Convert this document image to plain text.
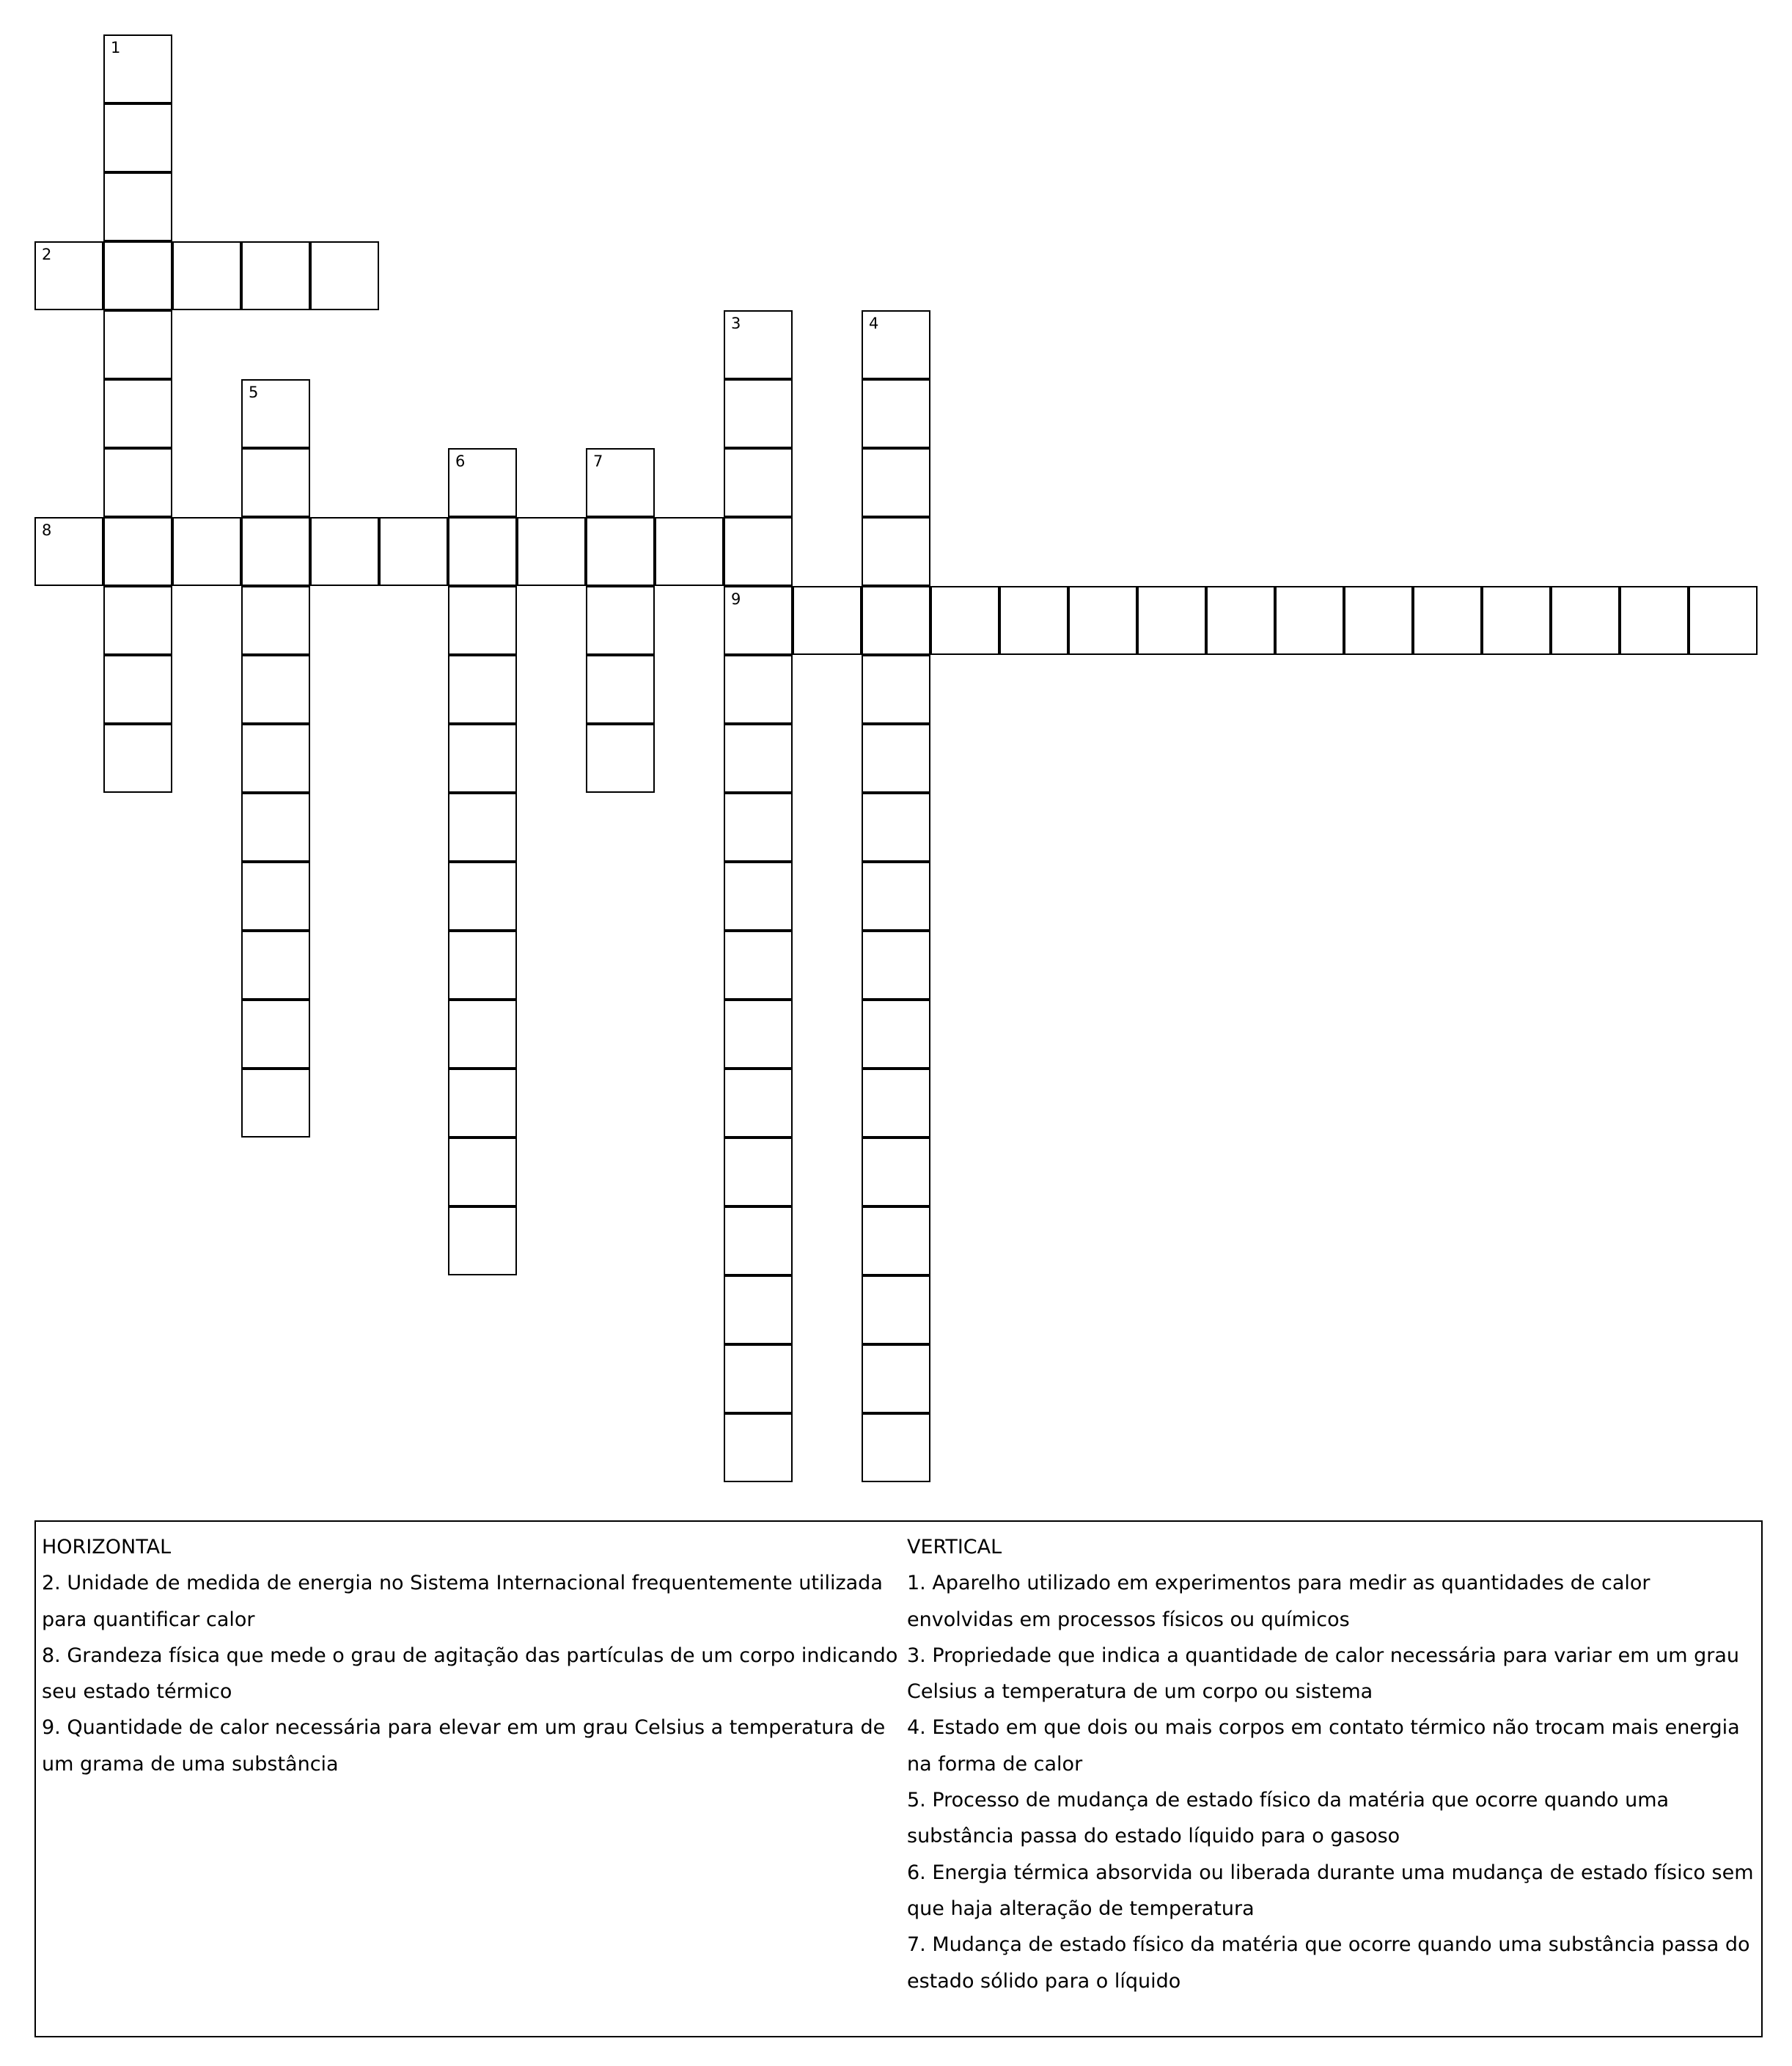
1
2
3
9
4
5
6	7
8

HORIZONTAL

2. Unidade de medida de energia no Sistema Internacional frequentemente utilizada para quantificar calor

8. Grandeza física que mede o grau de agitação das partículas de um corpo indicando seu estado térmico

9. Quantidade de calor necessária para elevar em um grau Celsius a temperatura de um grama de uma substância

VERTICAL

1. Aparelho utilizado em experimentos para medir as quantidades de calor envolvidas em processos físicos ou químicos

3. Propriedade que indica a quantidade de calor necessária para variar em um grau Celsius a temperatura de um corpo ou sistema

4. Estado em que dois ou mais corpos em contato térmico não trocam mais energia na forma de calor

5. Processo de mudança de estado físico da matéria que ocorre quando uma substância passa do estado líquido para o gasoso

6. Energia térmica absorvida ou liberada durante uma mudança de estado físico sem que haja alteração de temperatura

7. Mudança de estado físico da matéria que ocorre quando uma substância passa do estado sólido para o líquido
